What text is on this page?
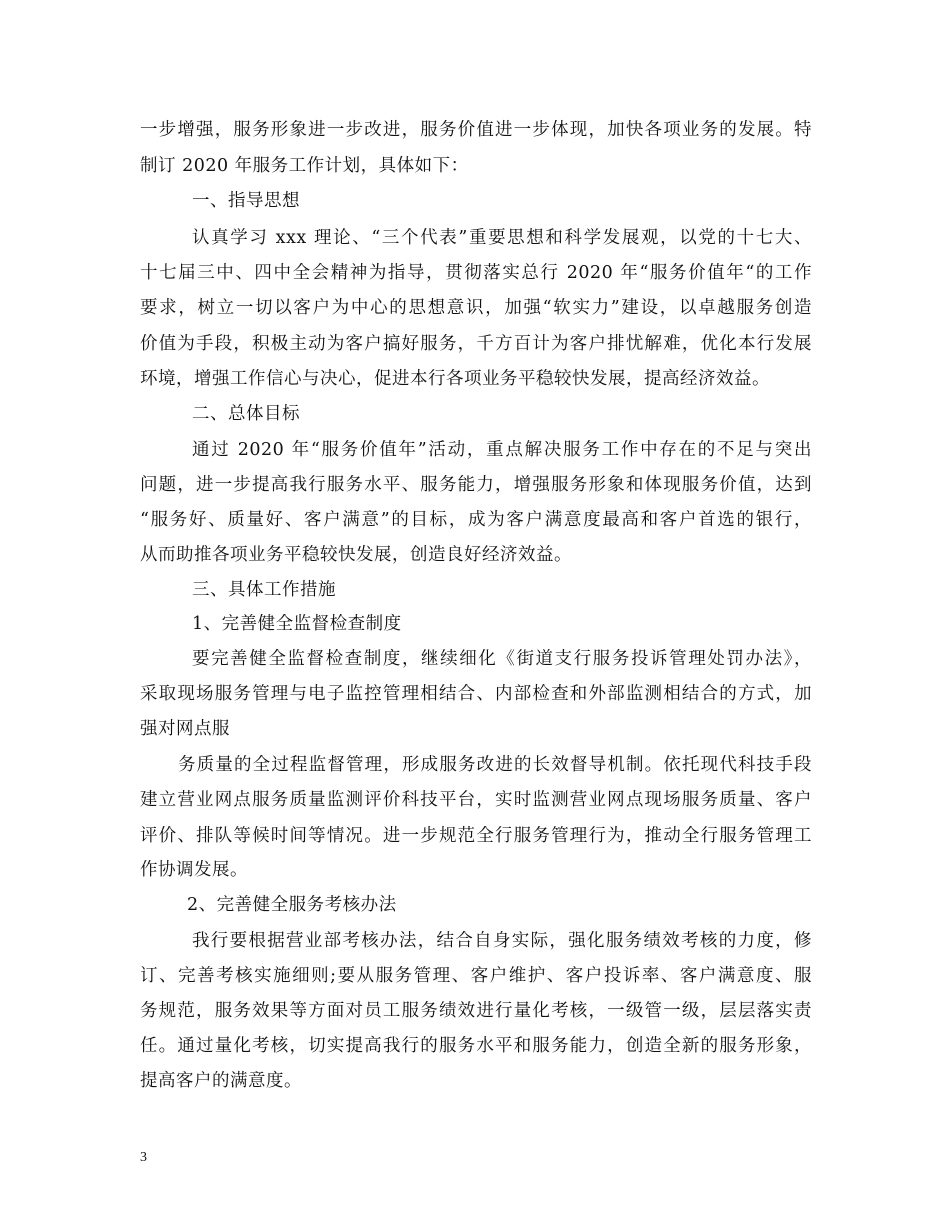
一步增强，服务形象进一步改进，服务价值进一步体现，加快各项业务的发展。特
制订 2020 年服务工作计划，具体如下：
一、指导思想
认真学习 xxx 理论、“三个代表”重要思想和科学发展观，以党的十七大、
十七届三中、四中全会精神为指导，贯彻落实总行 2020 年“服务价值年“的工作
要求，树立一切以客户为中心的思想意识，加强“软实力”建设，以卓越服务创造
价值为手段，积极主动为客户搞好服务，千方百计为客户排忧解难，优化本行发展
环境，增强工作信心与决心，促进本行各项业务平稳较快发展，提高经济效益。
二、总体目标
通过 2020 年“服务价值年”活动，重点解决服务工作中存在的不足与突出
问题，进一步提高我行服务水平、服务能力，增强服务形象和体现服务价值，达到
“服务好、质量好、客户满意”的目标，成为客户满意度最高和客户首选的银行，
从而助推各项业务平稳较快发展，创造良好经济效益。
三、具体工作措施
1、完善健全监督检查制度
要完善健全监督检查制度，继续细化《街道支行服务投诉管理处罚办法》，
采取现场服务管理与电子监控管理相结合、内部检查和外部监测相结合的方式，加
强对网点服
务质量的全过程监督管理，形成服务改进的长效督导机制。依托现代科技手段
建立营业网点服务质量监测评价科技平台，实时监测营业网点现场服务质量、客户
评价、排队等候时间等情况。进一步规范全行服务管理行为，推动全行服务管理工
作协调发展。
2、完善健全服务考核办法
我行要根据营业部考核办法，结合自身实际，强化服务绩效考核的力度，修
订、完善考核实施细则;要从服务管理、客户维护、客户投诉率、客户满意度、服
务规范，服务效果等方面对员工服务绩效进行量化考核，一级管一级，层层落实责
任。通过量化考核，切实提高我行的服务水平和服务能力，创造全新的服务形象，
提高客户的满意度。
3
